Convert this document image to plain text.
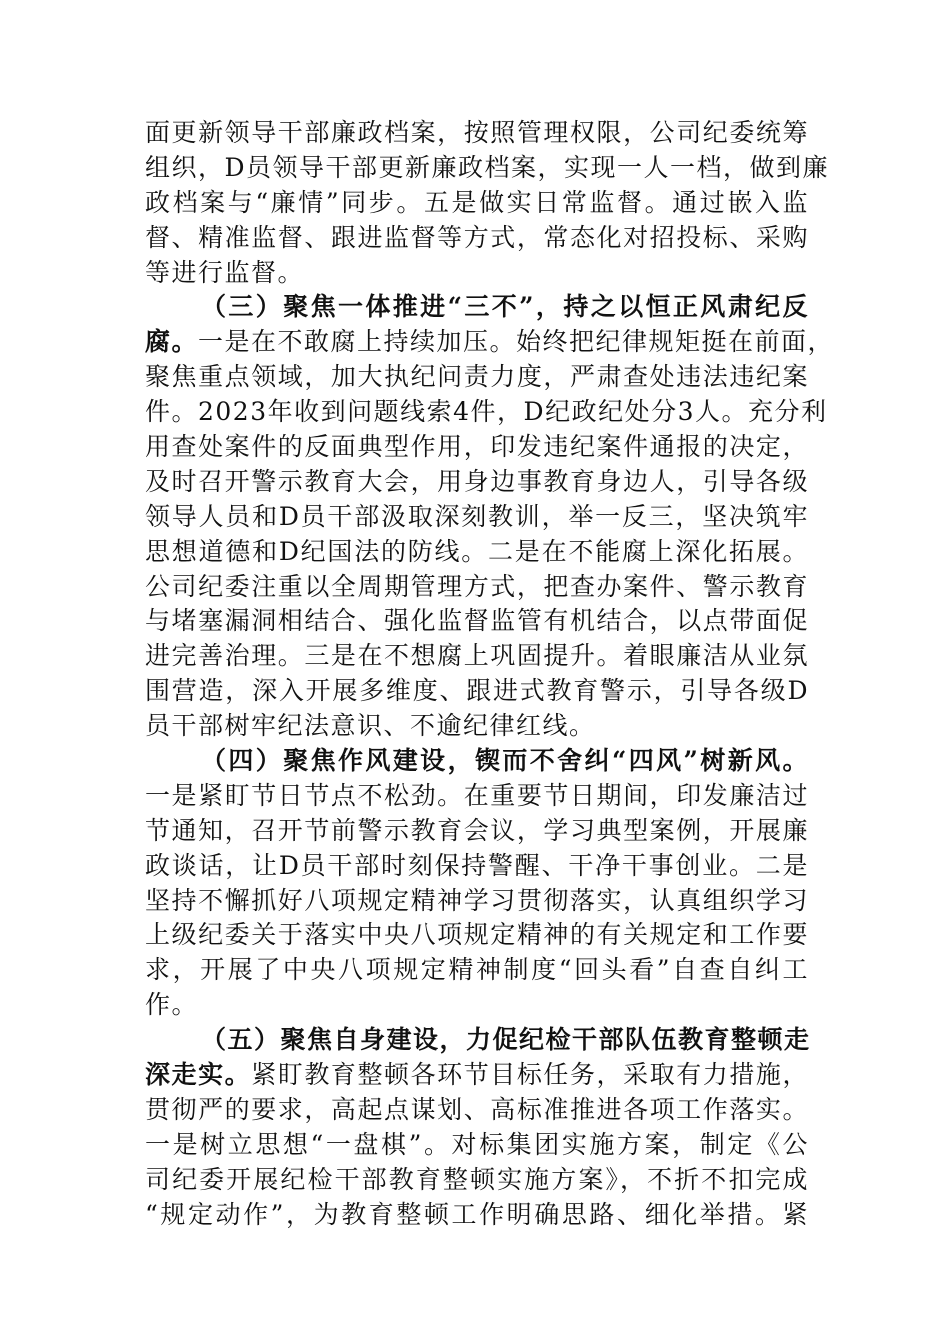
面更新领导干部廉政档案，按照管理权限，公司纪委统筹
组织，D员领导干部更新廉政档案，实现一人一档，做到廉
政档案与“廉情”同步。五是做实日常监督。通过嵌入监
督、精准监督、跟进监督等方式，常态化对招投标、采购
等进行监督。
（三）聚焦一体推进“三不”，持之以恒正风肃纪反
腐。一是在不敢腐上持续加压。始终把纪律规矩挺在前面，
聚焦重点领域，加大执纪问责力度，严肃查处违法违纪案
件。2023年收到问题线索4件，D纪政纪处分3人。充分利
用查处案件的反面典型作用，印发违纪案件通报的决定，
及时召开警示教育大会，用身边事教育身边人，引导各级
领导人员和D员干部汲取深刻教训，举一反三，坚决筑牢
思想道德和D纪国法的防线。二是在不能腐上深化拓展。
公司纪委注重以全周期管理方式，把查办案件、警示教育
与堵塞漏洞相结合、强化监督监管有机结合，以点带面促
进完善治理。三是在不想腐上巩固提升。着眼廉洁从业氛
围营造，深入开展多维度、跟进式教育警示，引导各级D
员干部树牢纪法意识、不逾纪律红线。
（四）聚焦作风建设，锲而不舍纠“四风”树新风。
一是紧盯节日节点不松劲。在重要节日期间，印发廉洁过
节通知，召开节前警示教育会议，学习典型案例，开展廉
政谈话，让D员干部时刻保持警醒、干净干事创业。二是
坚持不懈抓好八项规定精神学习贯彻落实，认真组织学习
上级纪委关于落实中央八项规定精神的有关规定和工作要
求，开展了中央八项规定精神制度“回头看”自查自纠工
作。
（五）聚焦自身建设，力促纪检干部队伍教育整顿走
深走实。紧盯教育整顿各环节目标任务，采取有力措施，
贯彻严的要求，高起点谋划、高标准推进各项工作落实。
一是树立思想“一盘棋”。对标集团实施方案，制定《公
司纪委开展纪检干部教育整顿实施方案》，不折不扣完成
“规定动作”，为教育整顿工作明确思路、细化举措。紧
